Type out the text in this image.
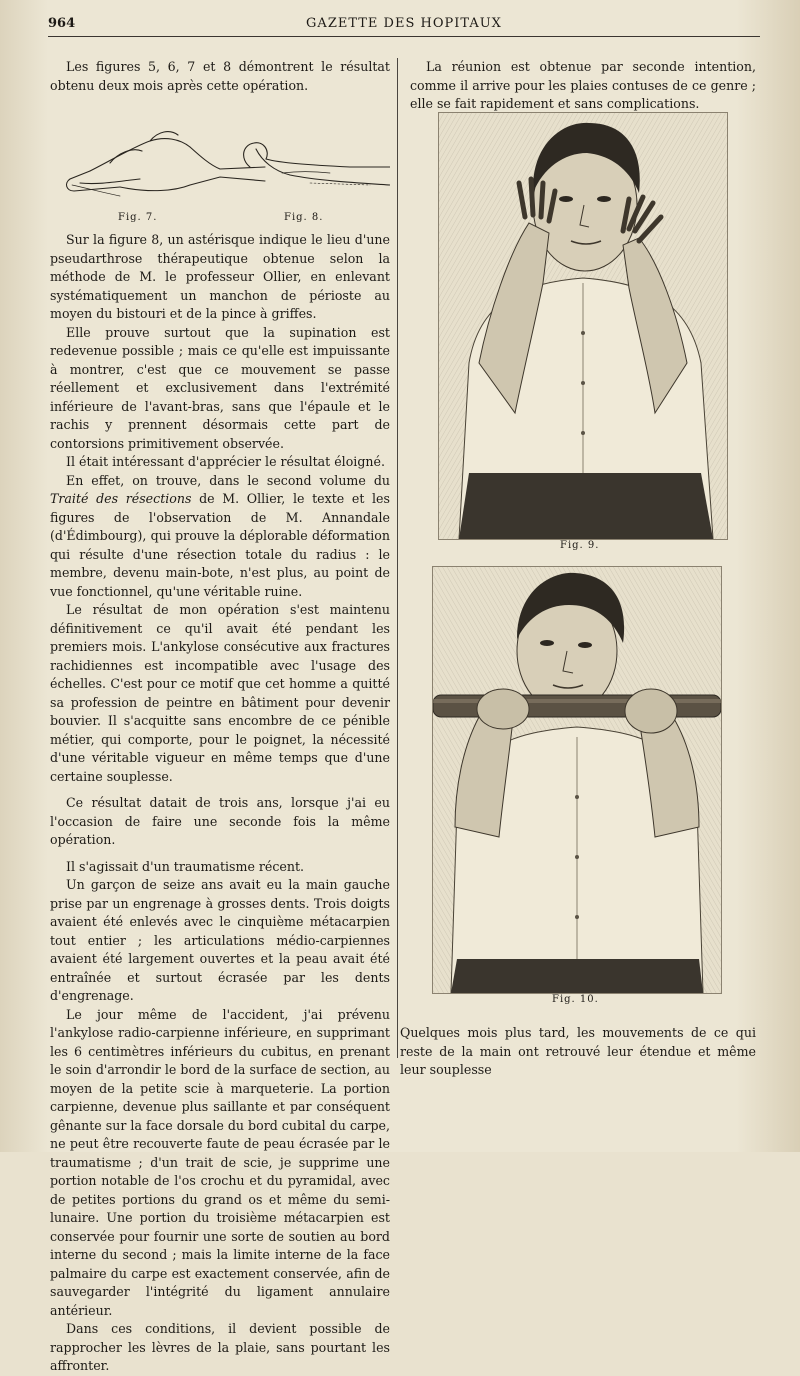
964	GAZETTE DES HOPITAUX

Les figures 5, 6, 7 et 8 démontrent le résultat obtenu deux mois après cette opération.

Fig. 7.	Fig. 8.

Sur la figure 8, un astérisque indique le lieu d'une pseudarthrose thérapeutique obtenue selon la méthode de M. le professeur Ollier, en enlevant systématiquement un manchon de périoste au moyen du bistouri et de la pince à griffes.

Elle prouve surtout que la supination est redevenue possible ; mais ce qu'elle est impuissante à montrer, c'est que ce mouvement se passe réellement et exclusivement dans l'extrémité inférieure de l'avant-bras, sans que l'épaule et le rachis y prennent désormais cette part de contorsions primitivement observée.

Il était intéressant d'apprécier le résultat éloigné.

En effet, on trouve, dans le second volume du Traité des résections de M. Ollier, le texte et les figures de l'observation de M. Annandale (d'Édimbourg), qui prouve la déplorable déformation qui résulte d'une résection totale du radius : le membre, devenu main-bote, n'est plus, au point de vue fonctionnel, qu'une véritable ruine.

Le résultat de mon opération s'est maintenu définitivement ce qu'il avait été pendant les premiers mois. L'ankylose consécutive aux fractures rachidiennes est incompatible avec l'usage des échelles. C'est pour ce motif que cet homme a quitté sa profession de peintre en bâtiment pour devenir bouvier. Il s'acquitte sans encombre de ce pénible métier, qui comporte, pour le poignet, la nécessité d'une véritable vigueur en même temps que d'une certaine souplesse.

Ce résultat datait de trois ans, lorsque j'ai eu l'occasion de faire une seconde fois la même opération.

Il s'agissait d'un traumatisme récent.

Un garçon de seize ans avait eu la main gauche prise par un engrenage à grosses dents. Trois doigts avaient été enlevés avec le cinquième métacarpien tout entier ; les articulations médio-carpiennes avaient été largement ouvertes et la peau avait été entraînée et surtout écrasée par les dents d'engrenage.

Le jour même de l'accident, j'ai prévenu l'ankylose radio-carpienne inférieure, en supprimant les 6 centimètres inférieurs du cubitus, en prenant le soin d'arrondir le bord de la surface de section, au moyen de la petite scie à marqueterie. La portion carpienne, devenue plus saillante et par conséquent gênante sur la face dorsale du bord cubital du carpe, ne peut être recouverte faute de peau écrasée par le traumatisme ; d'un trait de scie, je supprime une portion notable de l'os crochu et du pyramidal, avec de petites portions du grand os et même du semi-lunaire. Une portion du troisième métacarpien est conservée pour fournir une sorte de soutien au bord interne du second ; mais la limite interne de la face palmaire du carpe est exactement conservée, afin de sauvegarder l'intégrité du ligament annulaire antérieur.

Dans ces conditions, il devient possible de rapprocher les lèvres de la plaie, sans pourtant les affronter.

La réunion est obtenue par seconde intention, comme il arrive pour les plaies contuses de ce genre ; elle se fait rapidement et sans complications.

Fig. 9.
Fig. 10.

Quelques mois plus tard, les mouvements de ce qui reste de la main ont retrouvé leur étendue et même leur souplesse
